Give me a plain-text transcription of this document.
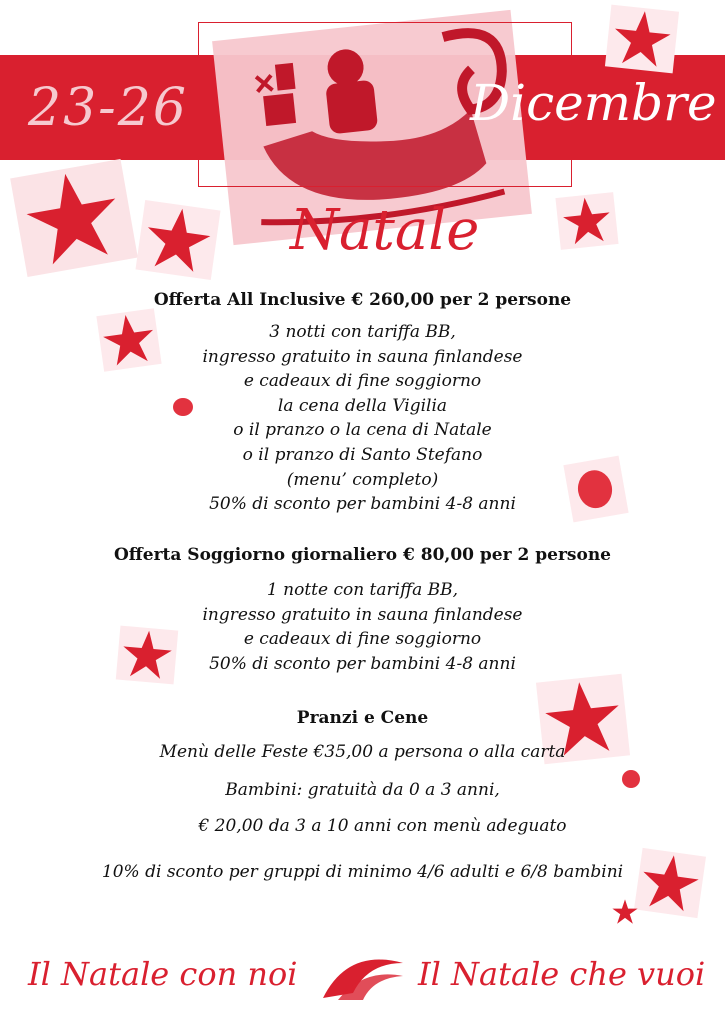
23-26	Dicembre
Natale
Offerta All Inclusive € 260,00 per 2 persone
3 notti con tariffa BB,
ingresso gratuito in sauna finlandese
e cadeaux di fine soggiorno
la cena della Vigilia
o il pranzo o la cena di Natale
o il pranzo di Santo Stefano
(menu’ completo)
50% di sconto per bambini 4-8 anni
Offerta Soggiorno giornaliero € 80,00 per 2 persone
1 notte con tariffa BB,
ingresso gratuito in sauna finlandese
e cadeaux di fine soggiorno
50% di sconto per bambini 4-8 anni
Pranzi e Cene
Menù delle Feste €35,00 a persona o alla carta
Bambini: gratuità da 0 a 3 anni,
€ 20,00 da 3 a 10 anni con menù adeguato
10% di sconto per gruppi di minimo 4/6 adulti e 6/8 bambini
Il Natale con noi	Il Natale che vuoi
